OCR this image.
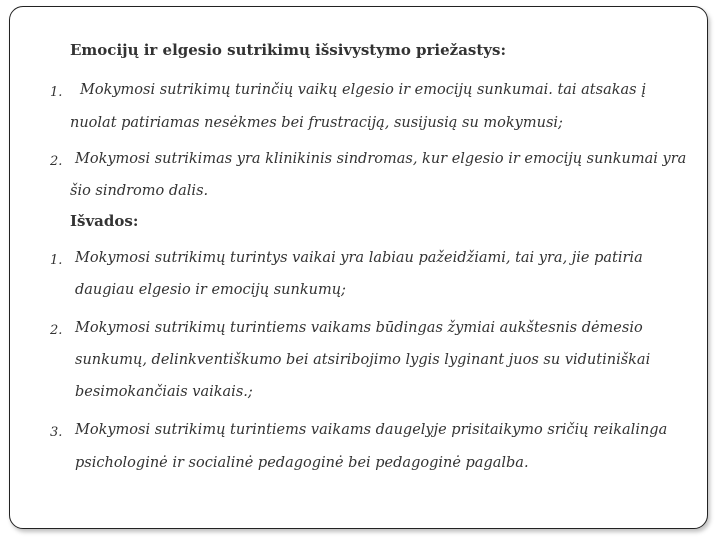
Emocijų ir elgesio sutrikimų išsivystymo priežastys:
1. Mokymosi sutrikimų turinčių vaikų elgesio ir emocijų sunkumai. tai atsakas į
nuolat patiriamas nesėkmes bei frustraciją, susijusią su mokymusi;
2. Mokymosi sutrikimas yra klinikinis sindromas, kur elgesio ir emocijų sunkumai yra
šio sindromo dalis.
Išvados:
1. Mokymosi sutrikimų turintys vaikai yra labiau pažeidžiami, tai yra, jie patiria
daugiau elgesio ir emocijų sunkumų;
2. Mokymosi sutrikimų turintiems vaikams būdingas žymiai aukštesnis dėmesio
sunkumų, delinkventiškumo bei atsiribojimo lygis lyginant juos su vidutiniškai
besimokančiais vaikais.;
3. Mokymosi sutrikimų turintiems vaikams daugelyje prisitaikymo sričių reikalinga
psichologinė ir socialinė pedagoginė bei pedagoginė pagalba.
